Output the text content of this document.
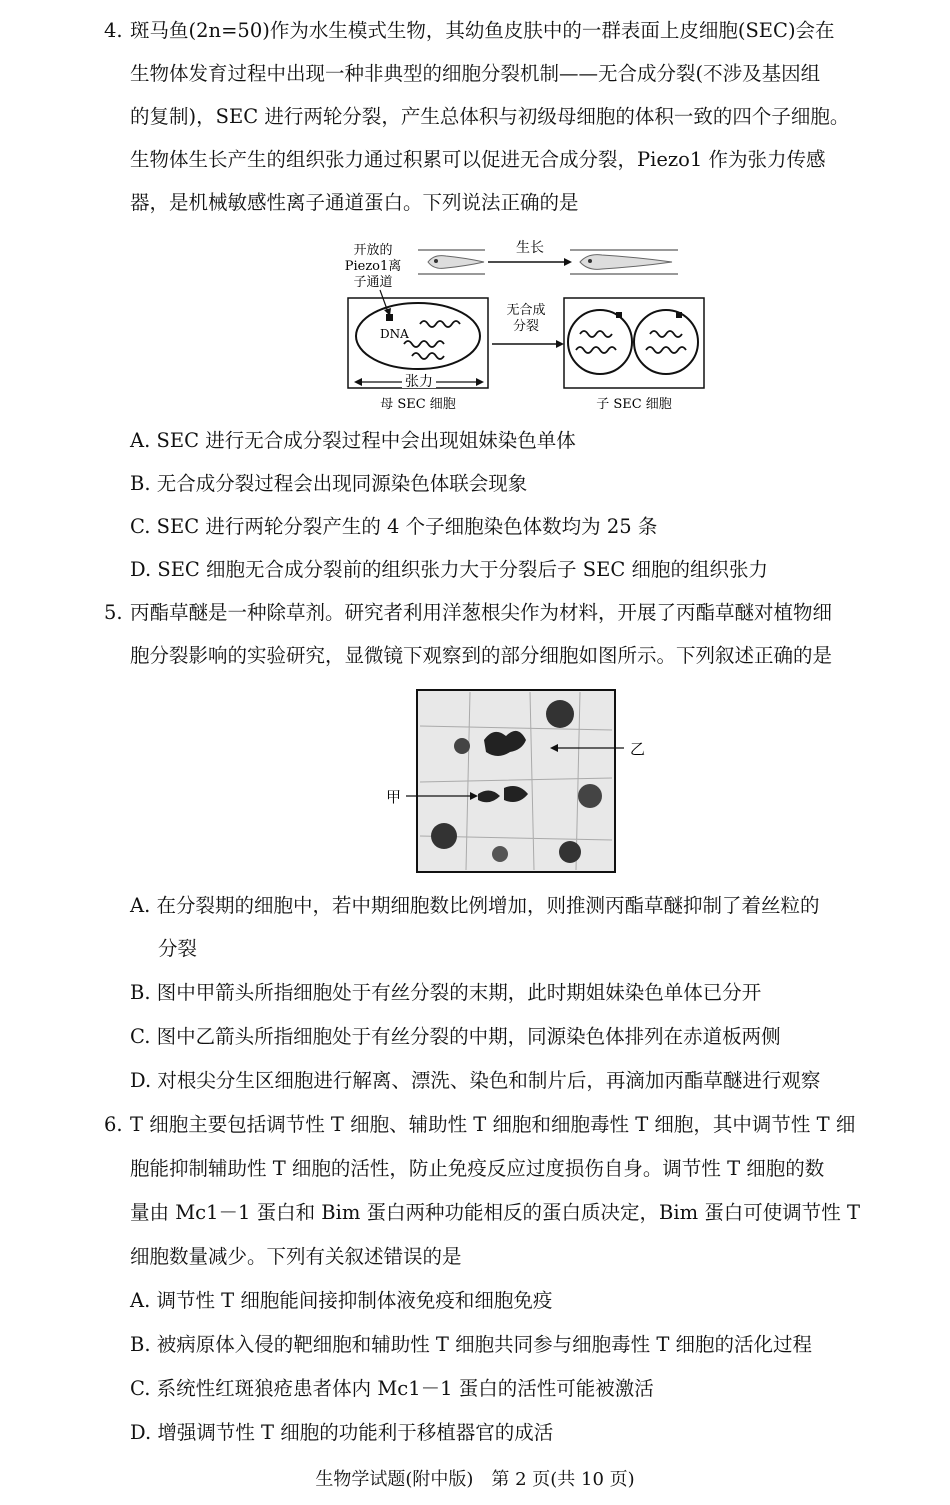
4. 斑马鱼(2n=50)作为水生模式生物，其幼鱼皮肤中的一群表面上皮细胞(SEC)会在
生物体发育过程中出现一种非典型的细胞分裂机制——无合成分裂(不涉及基因组
的复制)，SEC 进行两轮分裂，产生总体积与初级母细胞的体积一致的四个子细胞。
生物体生长产生的组织张力通过积累可以促进无合成分裂，Piezo1 作为张力传感
器，是机械敏感性离子通道蛋白。下列说法正确的是
生长
开放的
Piezo1离
子通道
DNA
张力
母 SEC 细胞
无合成
分裂
子 SEC 细胞
A. SEC 进行无合成分裂过程中会出现姐妹染色单体
B. 无合成分裂过程会出现同源染色体联会现象
C. SEC 进行两轮分裂产生的 4 个子细胞染色体数均为 25 条
D. SEC 细胞无合成分裂前的组织张力大于分裂后子 SEC 细胞的组织张力
5. 丙酯草醚是一种除草剂。研究者利用洋葱根尖作为材料，开展了丙酯草醚对植物细
胞分裂影响的实验研究，显微镜下观察到的部分细胞如图所示。下列叙述正确的是
乙
甲
A. 在分裂期的细胞中，若中期细胞数比例增加，则推测丙酯草醚抑制了着丝粒的
分裂
B. 图中甲箭头所指细胞处于有丝分裂的末期，此时期姐妹染色单体已分开
C. 图中乙箭头所指细胞处于有丝分裂的中期，同源染色体排列在赤道板两侧
D. 对根尖分生区细胞进行解离、漂洗、染色和制片后，再滴加丙酯草醚进行观察
6. T 细胞主要包括调节性 T 细胞、辅助性 T 细胞和细胞毒性 T 细胞，其中调节性 T 细
胞能抑制辅助性 T 细胞的活性，防止免疫反应过度损伤自身。调节性 T 细胞的数
量由 Mc1－1 蛋白和 Bim 蛋白两种功能相反的蛋白质决定，Bim 蛋白可使调节性 T
细胞数量减少。下列有关叙述错误的是
A. 调节性 T 细胞能间接抑制体液免疫和细胞免疫
B. 被病原体入侵的靶细胞和辅助性 T 细胞共同参与细胞毒性 T 细胞的活化过程
C. 系统性红斑狼疮患者体内 Mc1－1 蛋白的活性可能被激活
D. 增强调节性 T 细胞的功能利于移植器官的成活
生物学试题(附中版)　第 2 页(共 10 页)
